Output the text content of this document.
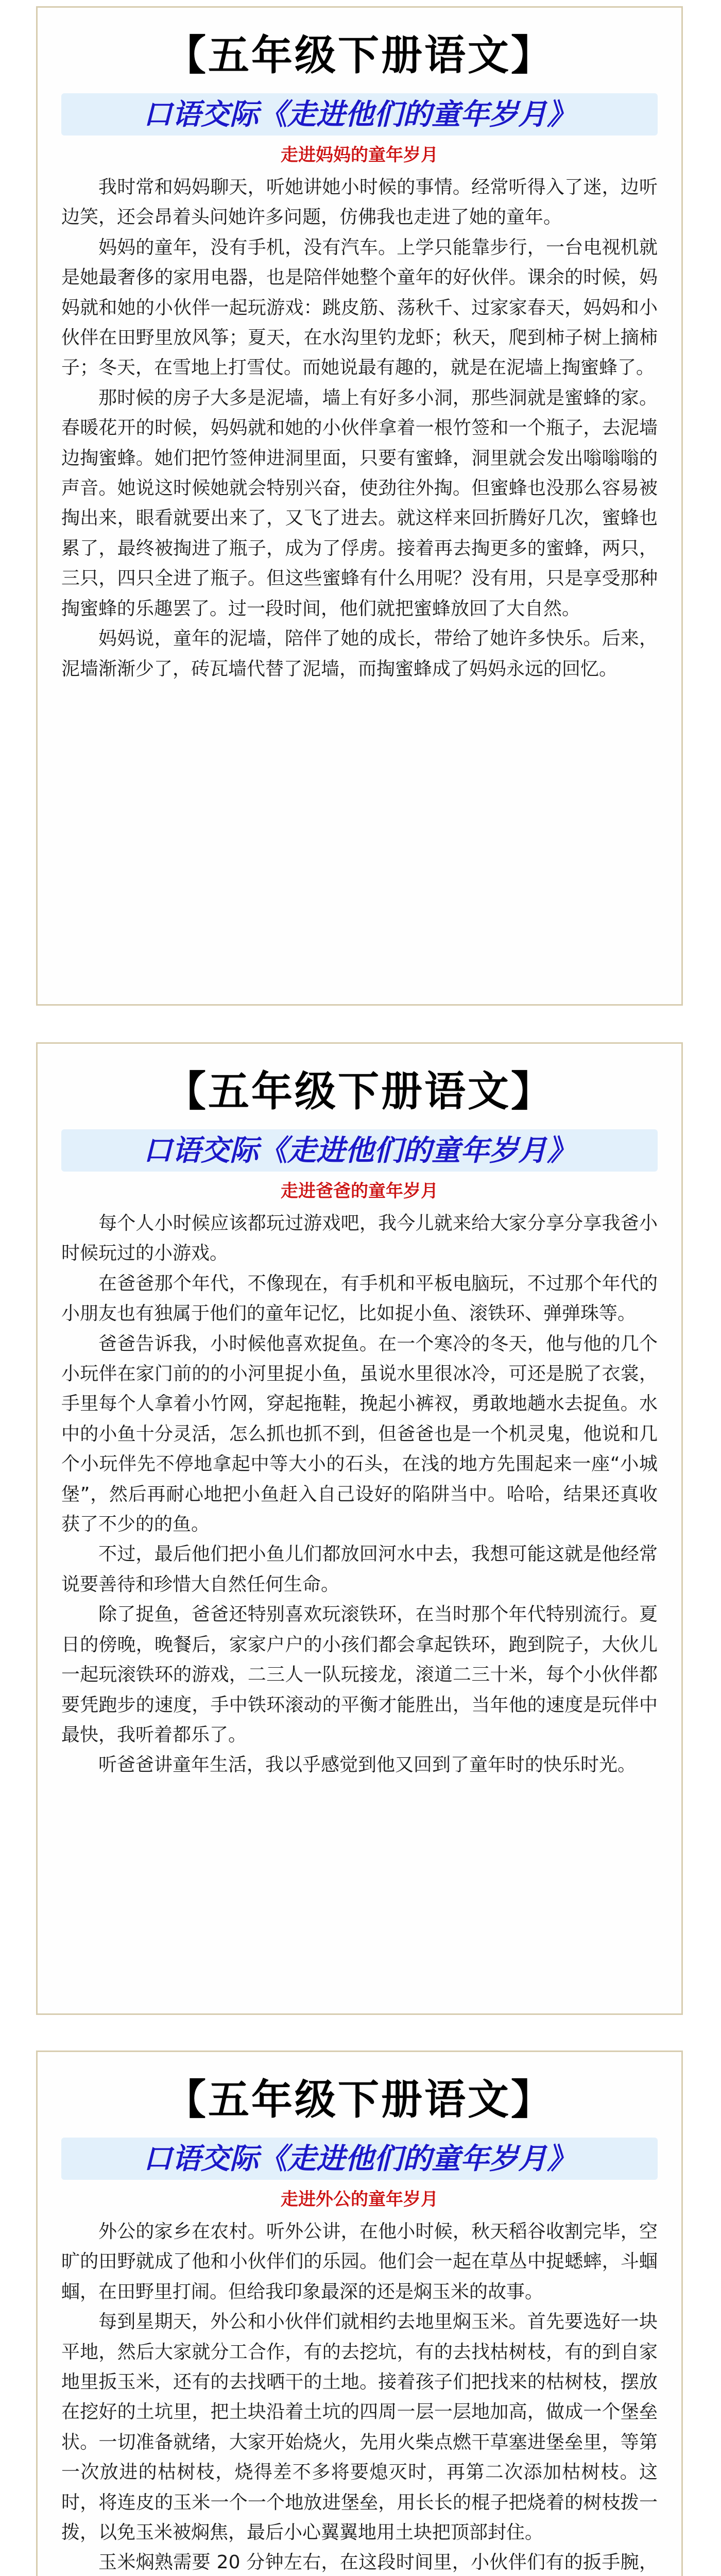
【五年级下册语文】
口语交际《走进他们的童年岁月》
走进妈妈的童年岁月

我时常和妈妈聊天，听她讲她小时候的事情。经常听得入了迷，边听边笑，还会昂着头问她许多问题，仿佛我也走进了她的童年。

妈妈的童年，没有手机，没有汽车。上学只能靠步行，一台电视机就是她最奢侈的家用电器，也是陪伴她整个童年的好伙伴。课余的时候，妈妈就和她的小伙伴一起玩游戏：跳皮筋、荡秋千、过家家春天，妈妈和小伙伴在田野里放风筝；夏天，在水沟里钓龙虾；秋天，爬到柿子树上摘柿子；冬天，在雪地上打雪仗。而她说最有趣的，就是在泥墙上掏蜜蜂了。

那时候的房子大多是泥墙，墙上有好多小洞，那些洞就是蜜蜂的家。春暖花开的时候，妈妈就和她的小伙伴拿着一根竹签和一个瓶子，去泥墙边掏蜜蜂。她们把竹签伸进洞里面，只要有蜜蜂，洞里就会发出嗡嗡嗡的声音。她说这时候她就会特别兴奋，使劲往外掏。但蜜蜂也没那么容易被掏出来，眼看就要出来了，又飞了进去。就这样来回折腾好几次，蜜蜂也累了，最终被掏进了瓶子，成为了俘虏。接着再去掏更多的蜜蜂，两只，三只，四只全进了瓶子。但这些蜜蜂有什么用呢？没有用，只是享受那种掏蜜蜂的乐趣罢了。过一段时间，他们就把蜜蜂放回了大自然。

妈妈说，童年的泥墙，陪伴了她的成长，带给了她许多快乐。后来，泥墙渐渐少了，砖瓦墙代替了泥墙，而掏蜜蜂成了妈妈永远的回忆。

【五年级下册语文】
口语交际《走进他们的童年岁月》
走进爸爸的童年岁月

每个人小时候应该都玩过游戏吧，我今儿就来给大家分享分享我爸小时候玩过的小游戏。

在爸爸那个年代，不像现在，有手机和平板电脑玩，不过那个年代的小朋友也有独属于他们的童年记忆，比如捉小鱼、滚铁环、弹弹珠等。

爸爸告诉我，小时候他喜欢捉鱼。在一个寒冷的冬天，他与他的几个小玩伴在家门前的的小河里捉小鱼，虽说水里很冰冷，可还是脱了衣裳，手里每个人拿着小竹网，穿起拖鞋，挽起小裤衩，勇敢地趟水去捉鱼。水中的小鱼十分灵活，怎么抓也抓不到，但爸爸也是一个机灵鬼，他说和几个小玩伴先不停地拿起中等大小的石头，在浅的地方先围起来一座“小城堡”，然后再耐心地把小鱼赶入自己设好的陷阱当中。哈哈，结果还真收获了不少的的鱼。

不过，最后他们把小鱼儿们都放回河水中去，我想可能这就是他经常说要善待和珍惜大自然任何生命。

除了捉鱼，爸爸还特别喜欢玩滚铁环，在当时那个年代特别流行。夏日的傍晚，晚餐后，家家户户的小孩们都会拿起铁环，跑到院子，大伙儿一起玩滚铁环的游戏，二三人一队玩接龙，滚道二三十米，每个小伙伴都要凭跑步的速度，手中铁环滚动的平衡才能胜出，当年他的速度是玩伴中最快，我听着都乐了。

听爸爸讲童年生活，我以乎感觉到他又回到了童年时的快乐时光。

【五年级下册语文】
口语交际《走进他们的童年岁月》
走进外公的童年岁月

外公的家乡在农村。听外公讲，在他小时候，秋天稻谷收割完毕，空旷的田野就成了他和小伙伴们的乐园。他们会一起在草丛中捉蟋蟀，斗蝈蝈，在田野里打闹。但给我印象最深的还是焖玉米的故事。

每到星期天，外公和小伙伴们就相约去地里焖玉米。首先要选好一块平地，然后大家就分工合作，有的去挖坑，有的去找枯树枝，有的到自家地里扳玉米，还有的去找晒干的土地。接着孩子们把找来的枯树枝，摆放在挖好的土坑里，把土块沿着土坑的四周一层一层地加高，做成一个堡垒状。一切准备就绪，大家开始烧火，先用火柴点燃干草塞进堡垒里，等第一次放进的枯树枝，烧得差不多将要熄灭时，再第二次添加枯树枝。这时，将连皮的玉米一个一个地放进堡垒，用长长的棍子把烧着的树枝拨一拨，以免玉米被焖焦，最后小心翼翼地用土块把顶部封住。

玉米焖熟需要 20 分钟左右，在这段时间里，小伙伴们有的扳手腕，
